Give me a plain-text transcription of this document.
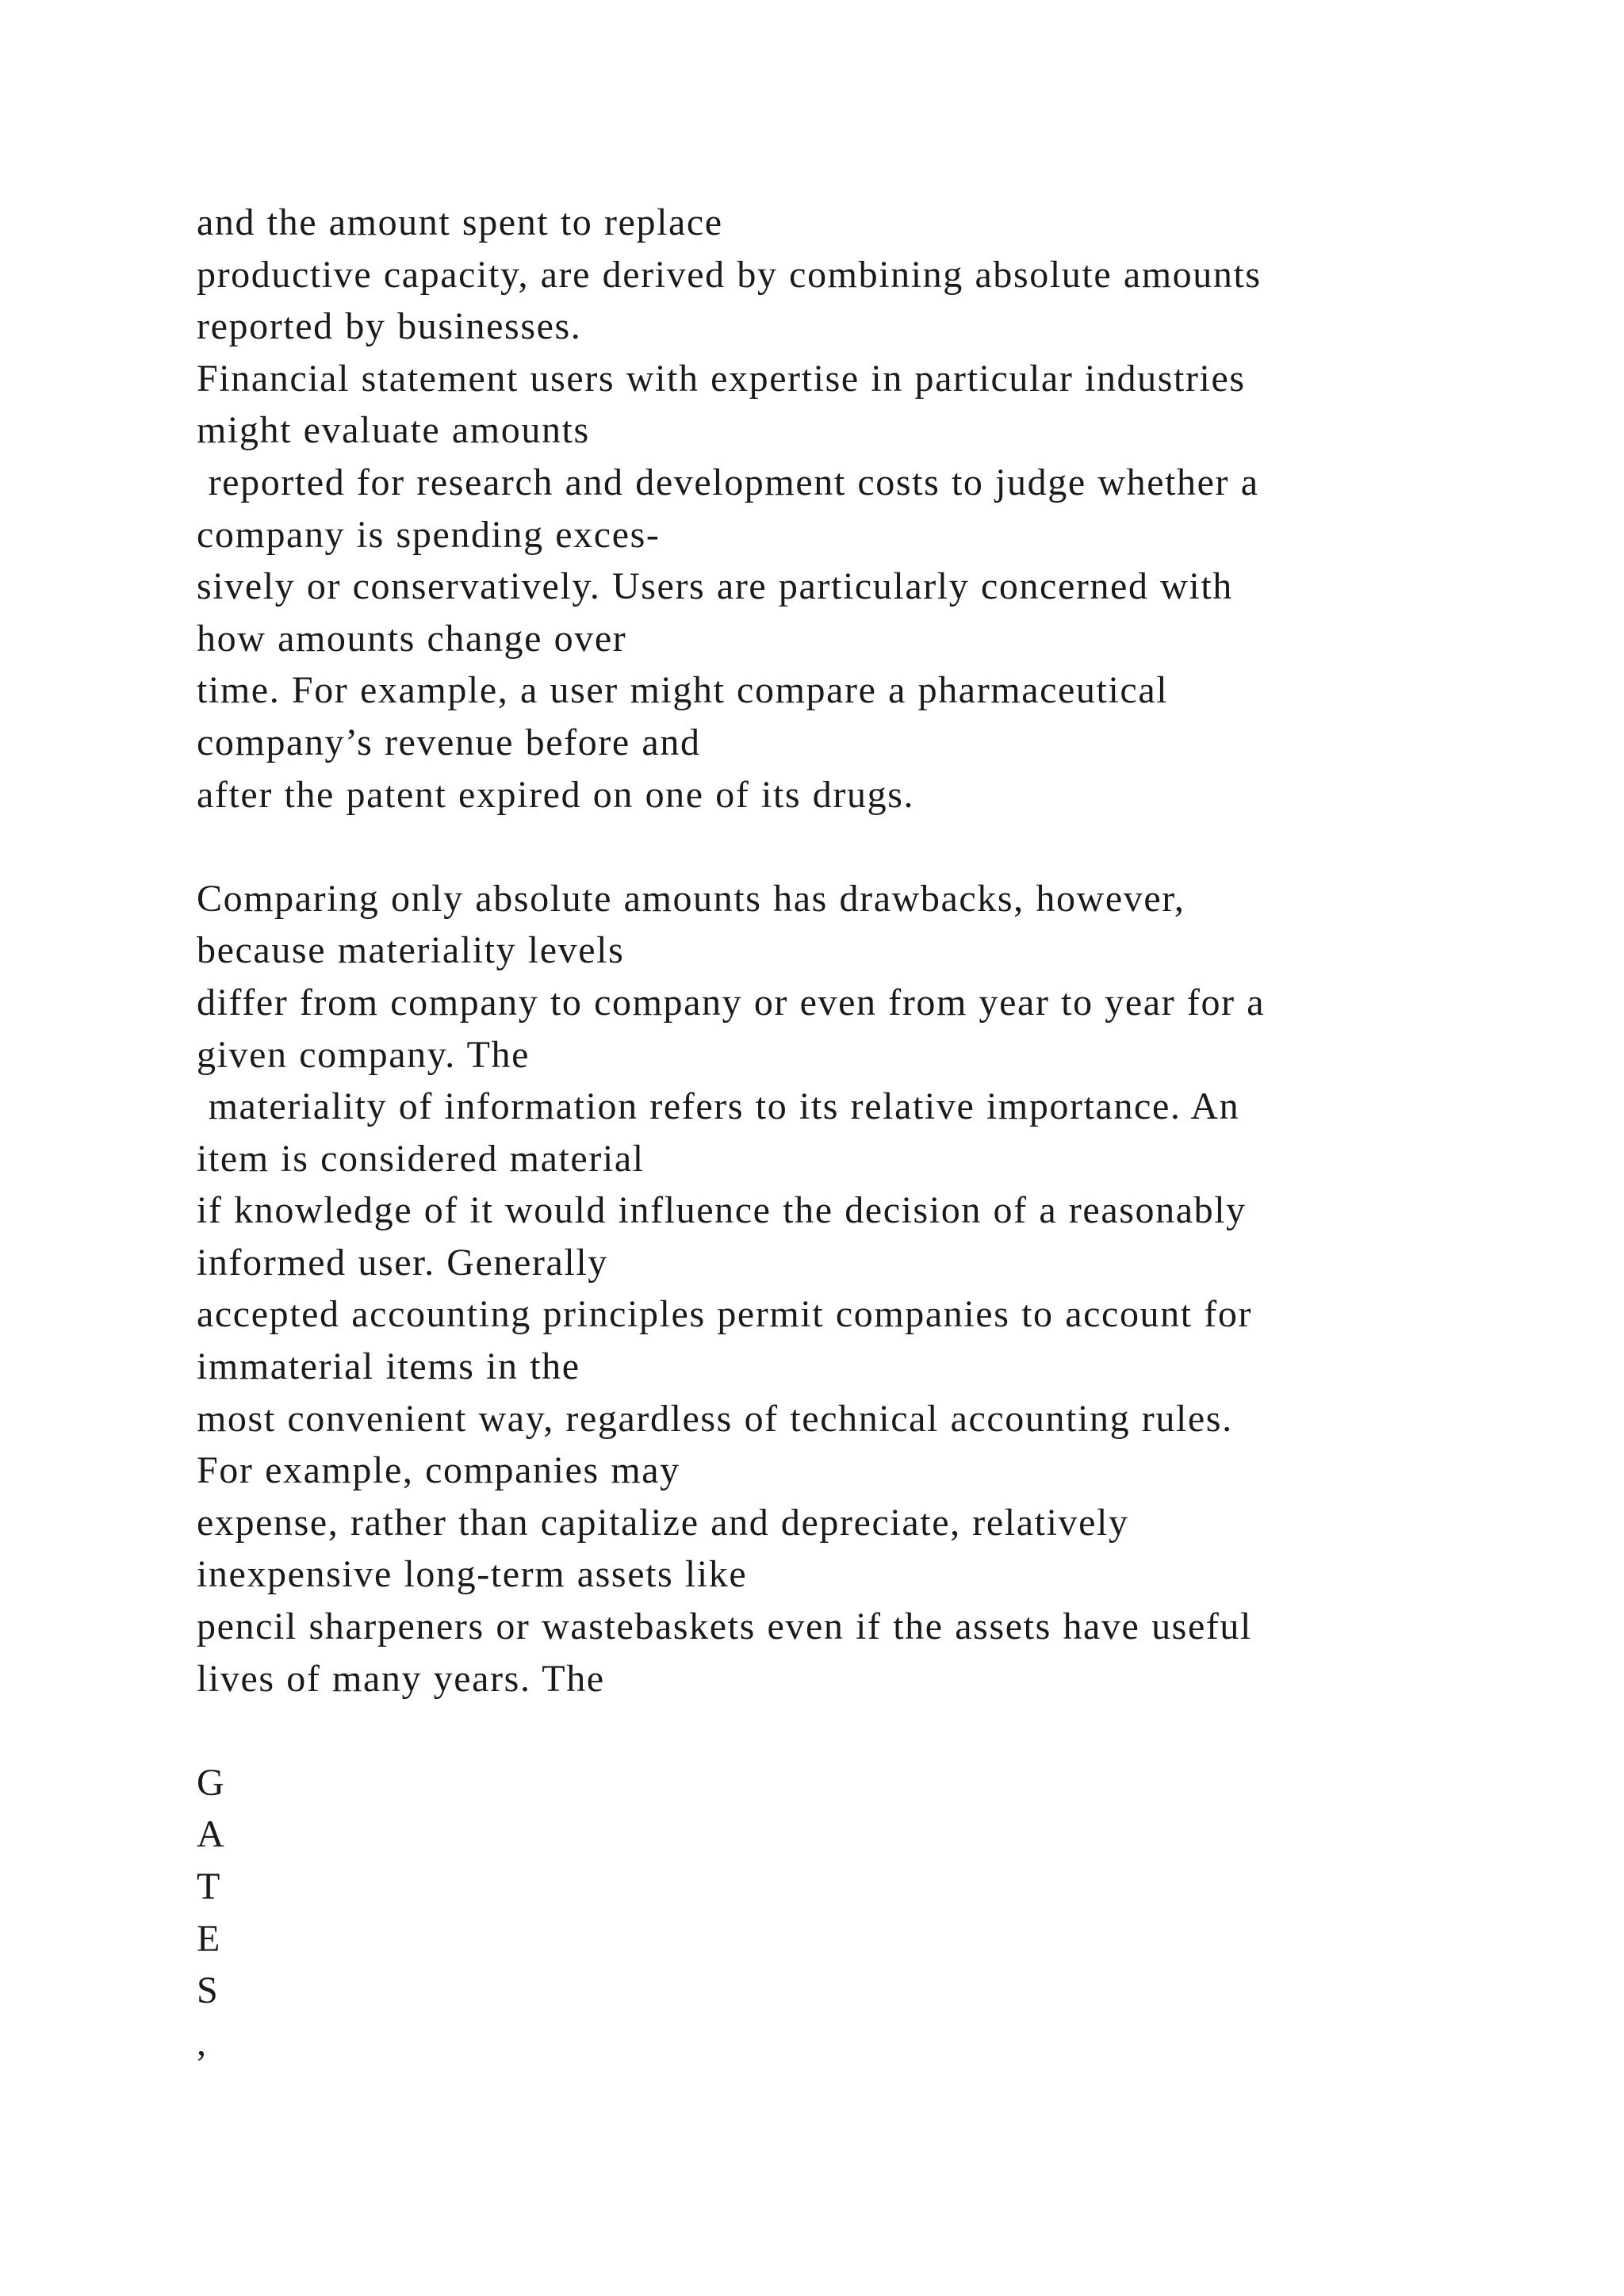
and the amount spent to replace
productive capacity, are derived by combining absolute amounts
reported by businesses.
Financial statement users with expertise in particular industries
might evaluate amounts
reported for research and development costs to judge whether a
company is spending exces-
sively or conservatively. Users are particularly concerned with
how amounts change over
time. For example, a user might compare a pharmaceutical
company’s revenue before and
after the patent expired on one of its drugs.
Comparing only absolute amounts has drawbacks, however,
because materiality levels
differ from company to company or even from year to year for a
given company. The
materiality of information refers to its relative importance. An
item is considered material
if knowledge of it would influence the decision of a reasonably
informed user. Generally
accepted accounting principles permit companies to account for
immaterial items in the
most convenient way, regardless of technical accounting rules.
For example, companies may
expense, rather than capitalize and depreciate, relatively
inexpensive long-term assets like
pencil sharpeners or wastebaskets even if the assets have useful
lives of many years. The
G
A
T
E
S
,
